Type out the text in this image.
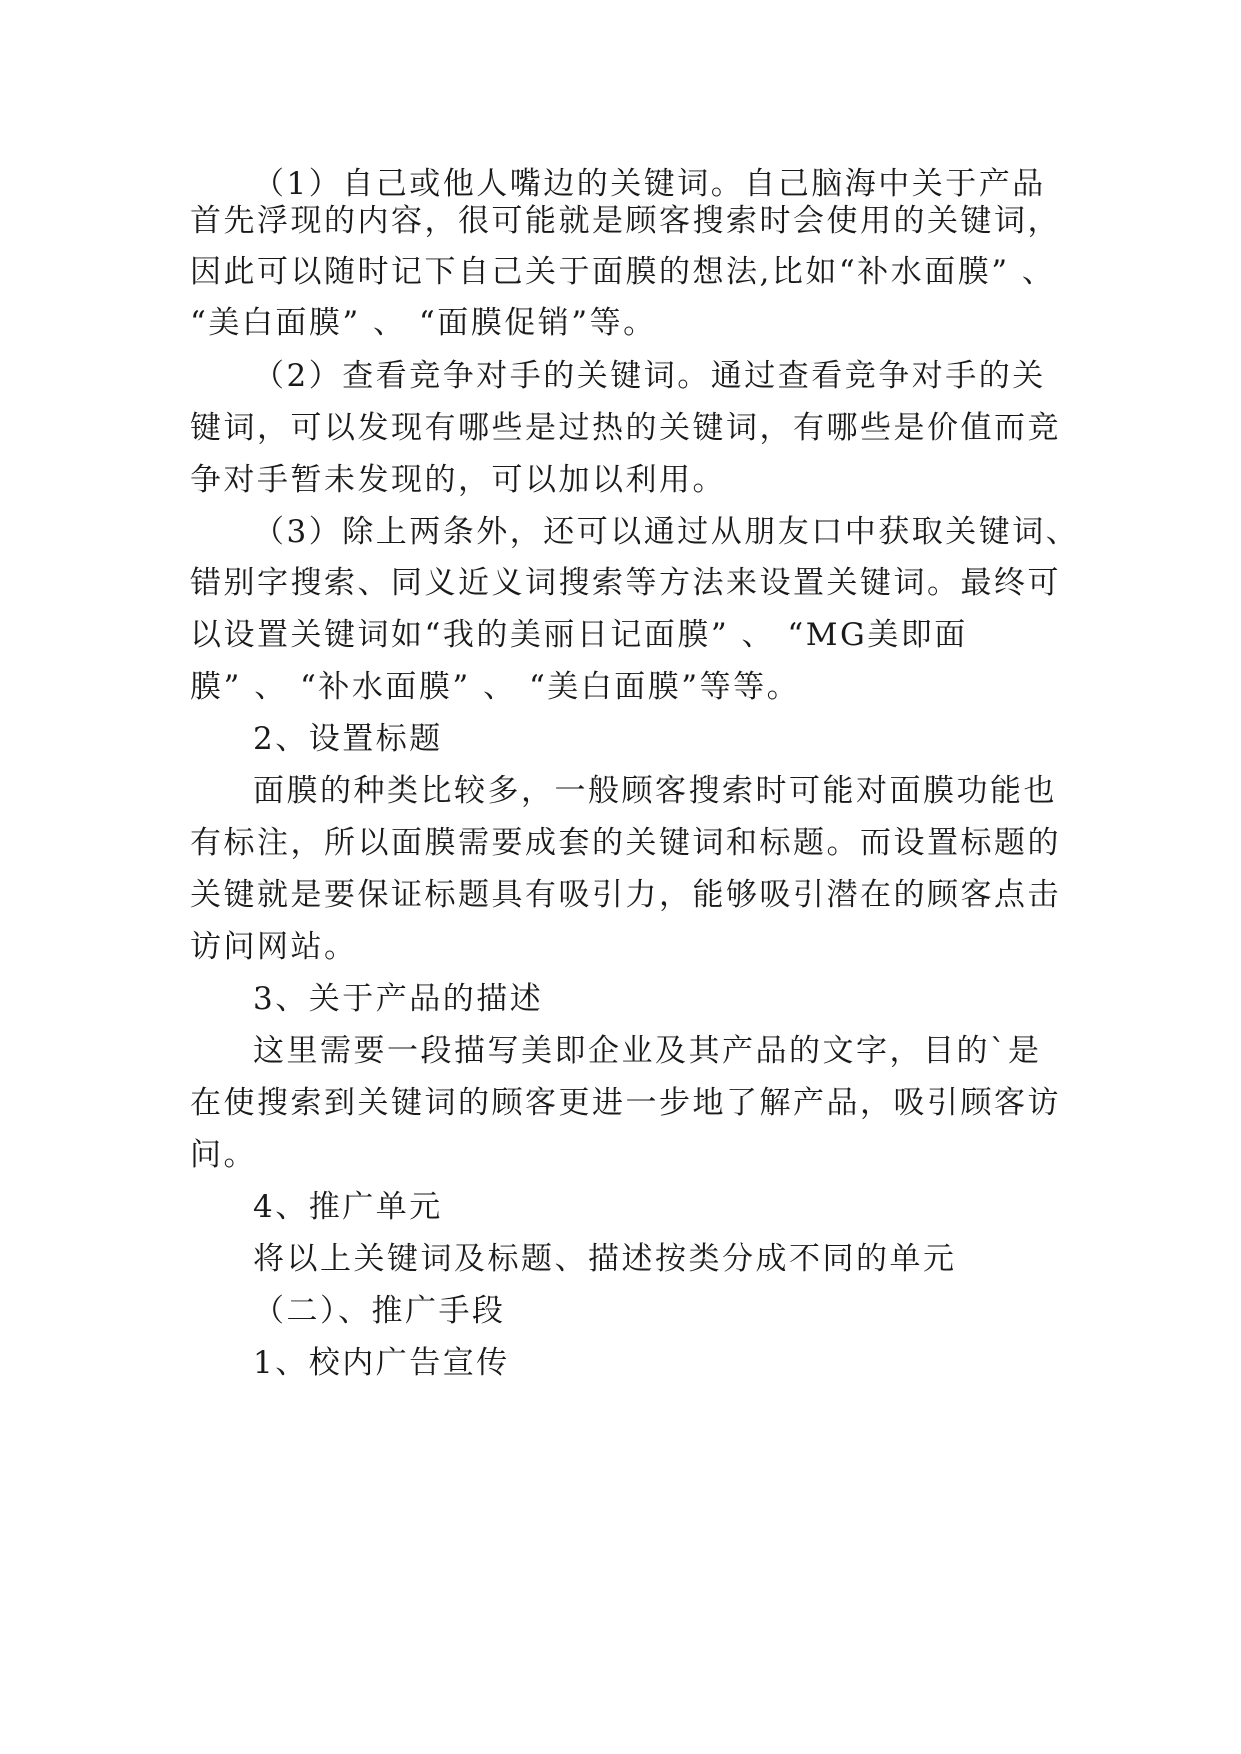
（1）自己或他人嘴边的关键词。自己脑海中关于产品
首先浮现的内容，很可能就是顾客搜索时会使用的关键词，
因此可以随时记下自己关于面膜的想法,比如“补水面膜” 、
“美白面膜” 、 “面膜促销”等。
（2）查看竞争对手的关键词。通过查看竞争对手的关
键词，可以发现有哪些是过热的关键词，有哪些是价值而竞
争对手暂未发现的，可以加以利用。
（3）除上两条外，还可以通过从朋友口中获取关键词、
错别字搜索、同义近义词搜索等方法来设置关键词。最终可
以设置关键词如“我的美丽日记面膜” 、 “MG美即面
膜” 、 “补水面膜” 、 “美白面膜”等等。
2、设置标题
面膜的种类比较多，一般顾客搜索时可能对面膜功能也
有标注，所以面膜需要成套的关键词和标题。而设置标题的
关键就是要保证标题具有吸引力，能够吸引潜在的顾客点击
访问网站。
3、关于产品的描述
这里需要一段描写美即企业及其产品的文字，目的`是
在使搜索到关键词的顾客更进一步地了解产品，吸引顾客访
问。
4、推广单元
将以上关键词及标题、描述按类分成不同的单元
（二）、推广手段
1、校内广告宣传
